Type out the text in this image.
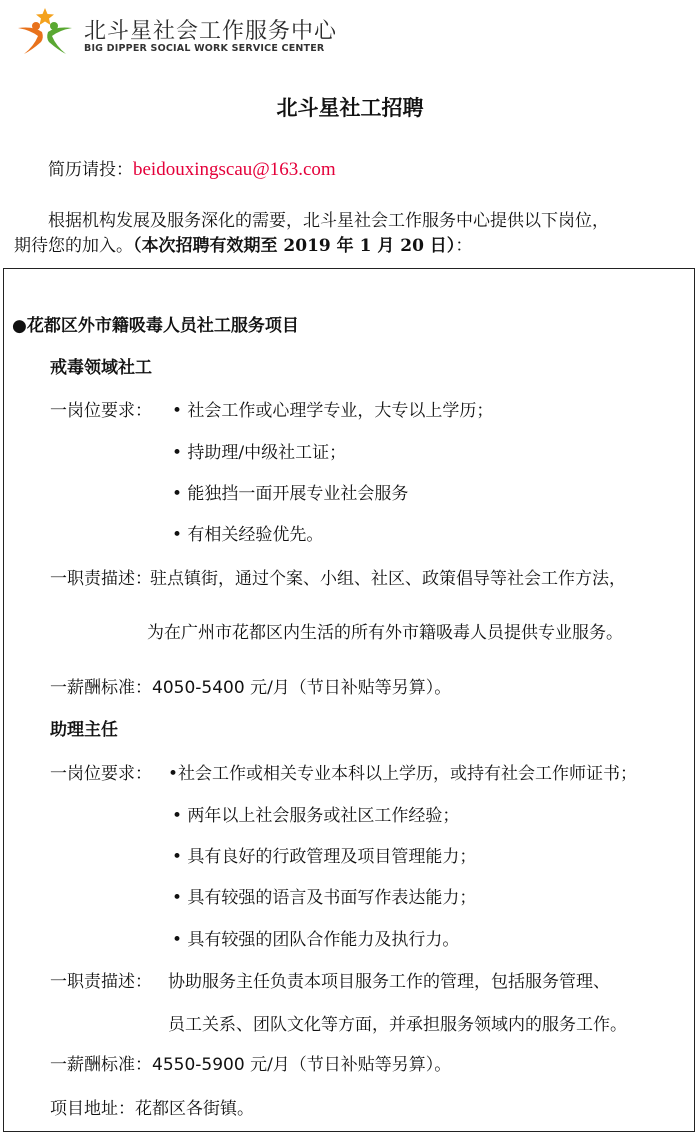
北斗星社会工作服务中心
BIG DIPPER SOCIAL WORK SERVICE CENTER
北斗星社工招聘
简历请投：beidouxingscau@163.com
根据机构发展及服务深化的需要，北斗星社会工作服务中心提供以下岗位，
期待您的加入。（本次招聘有效期至 2019 年 1 月 20 日）：
●花都区外市籍吸毒人员社工服务项目
戒毒领域社工
一岗位要求： • 社会工作或心理学专业，大专以上学历；
• 持助理/中级社工证；
• 能独挡一面开展专业社会服务
• 有相关经验优先。
一职责描述：
驻点镇街，通过个案、小组、社区、政策倡导等社会工作方法，
为在广州市花都区内生活的所有外市籍吸毒人员提供专业服务。
一薪酬标准：4050-5400 元/月（节日补贴等另算）。
助理主任
一岗位要求： •社会工作或相关专业本科以上学历，或持有社会工作师证书；
• 两年以上社会服务或社区工作经验；
• 具有良好的行政管理及项目管理能力；
• 具有较强的语言及书面写作表达能力；
• 具有较强的团队合作能力及执行力。
一职责描述： 协助服务主任负责本项目服务工作的管理，包括服务管理、
员工关系、团队文化等方面，并承担服务领域内的服务工作。
一薪酬标准：4550-5900 元/月（节日补贴等另算）。
项目地址：花都区各街镇。
